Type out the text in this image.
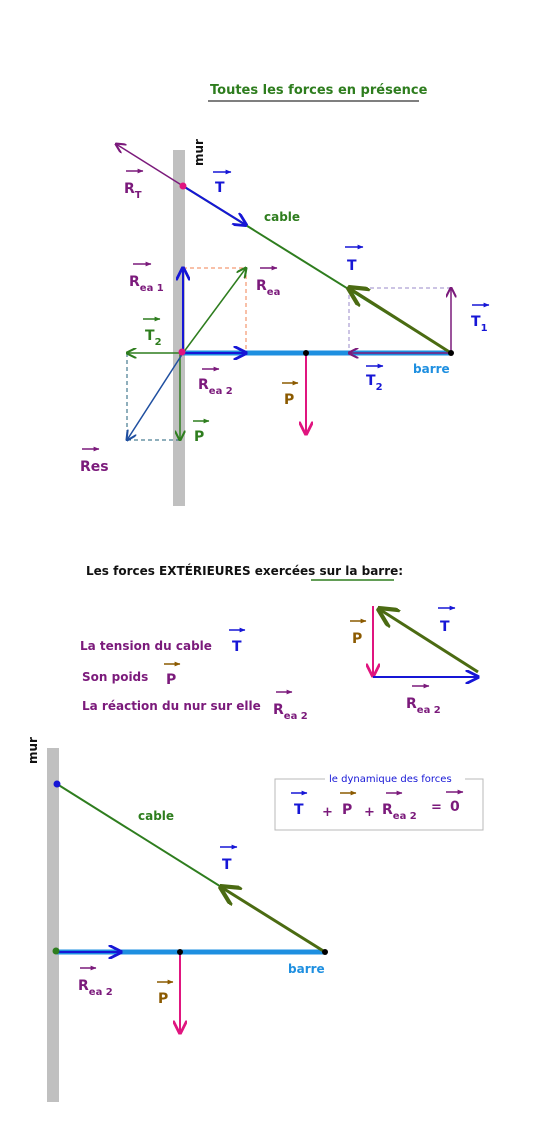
Toutes les forces en présence
mur
cable
barre
$R_T$	T
T
$T_1$
$T_2$
$T_2$
$R_{ea 1}$	$R_{ea}$
$R_{ea 2}$
P
P
Res
Les forces EXTÉRIEURES exercées sur la barre:
La tension du cable T
Son poids P
La réaction du nur sur elle $R_{ea 2}$
P
T
$R_{ea 2}$
mur
cable
barre
T
$R_{ea 2}$	P
le dynamique des forces
$T + P + R_{ea 2}$
= 0
